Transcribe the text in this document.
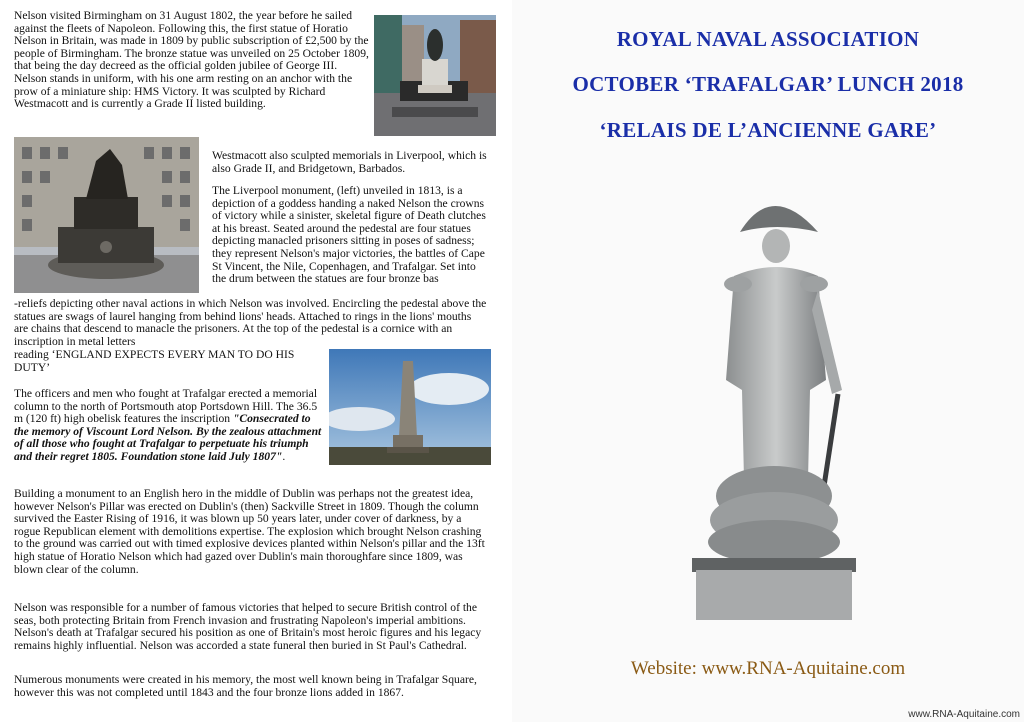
Nelson visited Birmingham on 31 August 1802, the year before he sailed against the fleets of Napoleon. Following this, the first statue of Horatio Nelson in Britain, was made in 1809 by public subscription of £2,500 by the people of Birmingham. The bronze statue was unveiled on 25 October 1809, that being the day decreed as the official golden jubilee of George III. Nelson stands in uniform, with his one arm resting on an anchor with the prow of a miniature ship: HMS Victory. It was sculpted by Richard Westmacott and is currently a Grade II listed building.

Westmacott also sculpted memorials in Liverpool, which is also Grade II, and Bridgetown, Barbados.

The Liverpool monument, (left) unveiled in 1813, is a depiction of a goddess handing a naked Nelson the crowns of victory while a sinister, skeletal figure of Death clutches at his breast. Seated around the pedestal are four statues depicting manacled prisoners sitting in poses of sadness; they represent Nelson's major victories, the battles of Cape St Vincent, the Nile, Copenhagen, and Trafalgar. Set into the drum between the statues are four bronze bas

-reliefs depicting other naval actions in which Nelson was involved. Encircling the pedestal above the statues are swags of laurel hanging from behind lions' heads. Attached to rings in the lions' mouths are chains that descend to manacle the prisoners. At the top of the pedestal is a cornice with an inscription in metal letters

reading ‘ENGLAND EXPECTS EVERY MAN TO DO HIS DUTY’

The officers and men who fought at Trafalgar erected a memorial column to the north of Portsmouth atop Portsdown Hill. The 36.5 m (120 ft) high obelisk features the inscription "Consecrated to the memory of Viscount Lord Nelson. By the zealous attachment of all those who fought at Trafalgar to perpetuate his triumph and their regret 1805. Foundation stone laid July 1807".

Building a monument to an English hero in the middle of Dublin was perhaps not the greatest idea, however Nelson's Pillar was erected on Dublin's (then) Sackville Street in 1809. Though the column survived the Easter Rising of 1916, it was blown up 50 years later, under cover of darkness, by a rogue Republican element with demolitions expertise. The explosion which brought Nelson crashing to the ground was carried out with timed explosive devices planted within Nelson's pillar and the 13ft high statue of Horatio Nelson which had gazed over Dublin's main thoroughfare since 1809, was blown clear of the column.

Nelson was responsible for a number of famous victories that helped to secure British control of the seas, both protecting Britain from French invasion and frustrating Napoleon's imperial ambitions. Nelson's death at Trafalgar secured his position as one of Britain's most heroic figures and his legacy remains highly influential. Nelson was accorded a state funeral then buried in St Paul's Cathedral.

Numerous monuments were created in his memory, the most well known being in Trafalgar Square, however this was not completed until 1843 and the four bronze lions added in 1867.

ROYAL NAVAL ASSOCIATION
OCTOBER ‘TRAFALGAR’ LUNCH 2018
‘RELAIS DE L’ANCIENNE GARE’
Website: www.RNA-Aquitaine.com
www.RNA-Aquitaine.com
